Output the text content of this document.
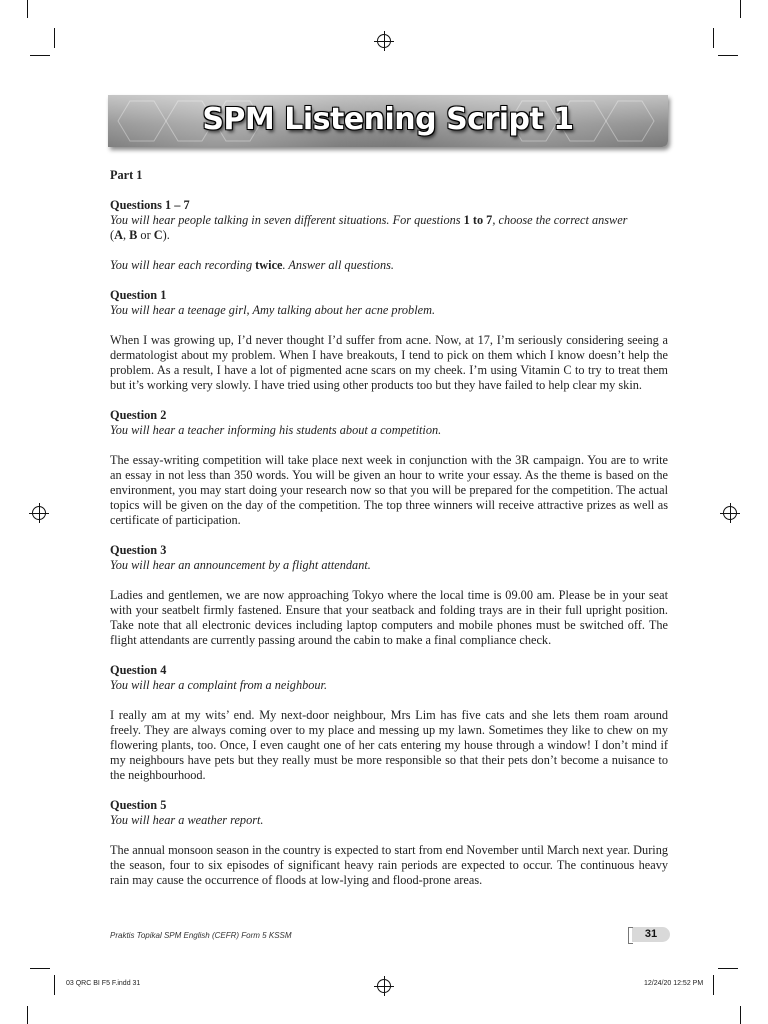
SPM Listening Script 1

Part 1

Questions 1 – 7

You will hear people talking in seven different situations. For questions 1 to 7, choose the correct answer
(A, B or C).

You will hear each recording twice. Answer all questions.

Question 1

You will hear a teenage girl, Amy talking about her acne problem.

When I was growing up, I’d never thought I’d suffer from acne. Now, at 17, I’m seriously considering seeing a dermatologist about my problem. When I have breakouts, I tend to pick on them which I know doesn’t help the problem. As a result, I have a lot of pigmented acne scars on my cheek. I’m using Vitamin C to try to treat them but it’s working very slowly. I have tried using other products too but they have failed to help clear my skin.

Question 2

You will hear a teacher informing his students about a competition.

The essay-writing competition will take place next week in conjunction with the 3R campaign. You are to write an essay in not less than 350 words. You will be given an hour to write your essay. As the theme is based on the environment, you may start doing your research now so that you will be prepared for the competition. The actual topics will be given on the day of the competition. The top three winners will receive attractive prizes as well as certificate of participation.

Question 3

You will hear an announcement by a flight attendant.

Ladies and gentlemen, we are now approaching Tokyo where the local time is 09.00 am. Please be in your seat with your seatbelt firmly fastened. Ensure that your seatback and folding trays are in their full upright position. Take note that all electronic devices including laptop computers and mobile phones must be switched off. The flight attendants are currently passing around the cabin to make a final compliance check.

Question 4

You will hear a complaint from a neighbour.

I really am at my wits’ end. My next-door neighbour, Mrs Lim has five cats and she lets them roam around freely. They are always coming over to my place and messing up my lawn. Sometimes they like to chew on my flowering plants, too. Once, I even caught one of her cats entering my house through a window! I don’t mind if my neighbours have pets but they really must be more responsible so that their pets don’t become a nuisance to the neighbourhood.

Question 5

You will hear a weather report.

The annual monsoon season in the country is expected to start from end November until March next year. During the season, four to six episodes of significant heavy rain periods are expected to occur. The continuous heavy rain may cause the occurrence of floods at low-lying and flood-prone areas.

Praktis Topikal SPM English (CEFR) Form 5 KSSM	31
03 QRC BI F5 F.indd 31	12/24/20 12:52 PM
